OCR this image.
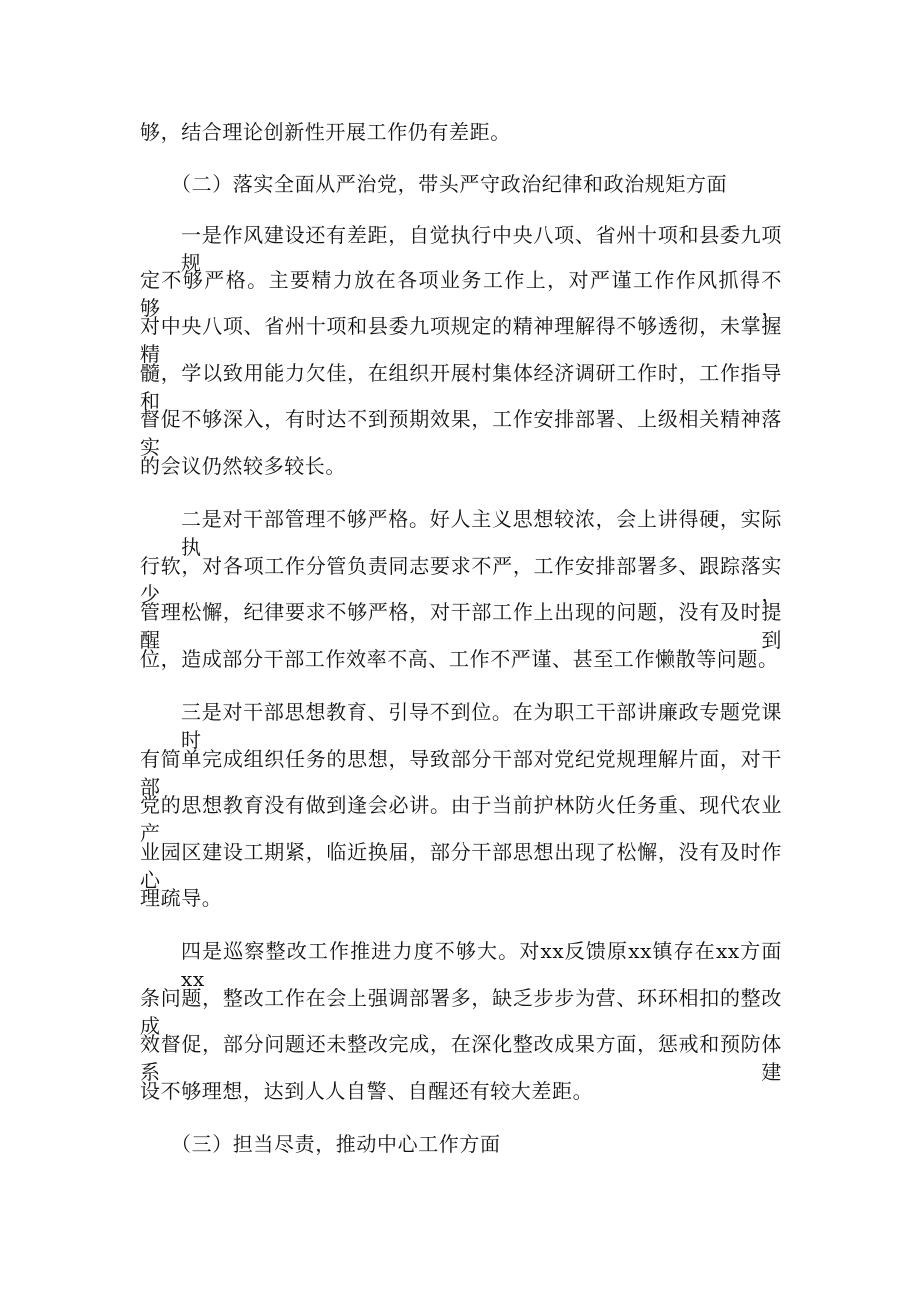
够，结合理论创新性开展工作仍有差距。
（二）落实全面从严治党，带头严守政治纪律和政治规矩方面
一是作风建设还有差距，自觉执行中央八项、省州十项和县委九项规
定不够严格。主要精力放在各项业务工作上，对严谨工作作风抓得不够，
对中央八项、省州十项和县委九项规定的精神理解得不够透彻，未掌握精
髓，学以致用能力欠佳，在组织开展村集体经济调研工作时，工作指导和
督促不够深入，有时达不到预期效果，工作安排部署、上级相关精神落实
的会议仍然较多较长。
二是对干部管理不够严格。好人主义思想较浓，会上讲得硬，实际执
行软，对各项工作分管负责同志要求不严，工作安排部署多、跟踪落实少，
管理松懈，纪律要求不够严格，对干部工作上出现的问题，没有及时提醒到
位，造成部分干部工作效率不高、工作不严谨、甚至工作懒散等问题。
三是对干部思想教育、引导不到位。在为职工干部讲廉政专题党课时
有简单完成组织任务的思想，导致部分干部对党纪党规理解片面，对干部
党的思想教育没有做到逢会必讲。由于当前护林防火任务重、现代农业产
业园区建设工期紧，临近换届，部分干部思想出现了松懈，没有及时作心
理疏导。
四是巡察整改工作推进力度不够大。对xx反馈原xx镇存在xx方面xx
条问题，整改工作在会上强调部署多，缺乏步步为营、环环相扣的整改成
效督促，部分问题还未整改完成，在深化整改成果方面，惩戒和预防体系建
设不够理想，达到人人自警、自醒还有较大差距。
（三）担当尽责，推动中心工作方面
